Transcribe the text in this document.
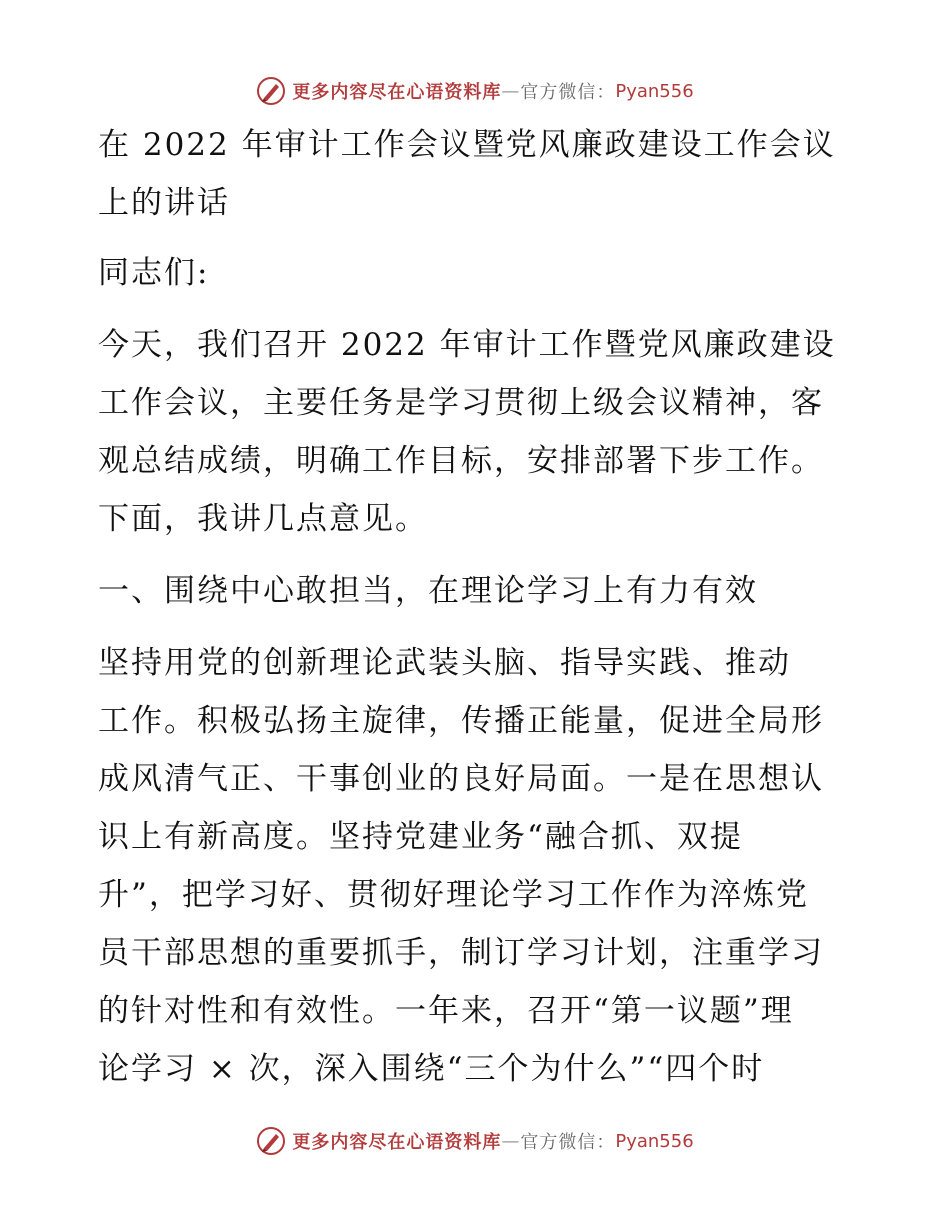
更多内容尽在心语资料库 — 官方微信： Pyan556
在 2022 年审计工作会议暨党风廉政建设工作会议
上的讲话
同志们:
今天，我们召开 2022 年审计工作暨党风廉政建设
工作会议，主要任务是学习贯彻上级会议精神，客
观总结成绩，明确工作目标，安排部署下步工作。
下面，我讲几点意见。
一、围绕中心敢担当，在理论学习上有力有效
坚持用党的创新理论武装头脑、指导实践、推动
工作。积极弘扬主旋律，传播正能量，促进全局形
成风清气正、干事创业的良好局面。一是在思想认
识上有新高度。坚持党建业务“融合抓、双提
升”，把学习好、贯彻好理论学习工作作为淬炼党
员干部思想的重要抓手，制订学习计划，注重学习
的针对性和有效性。一年来，召开“第一议题”理
论学习 × 次，深入围绕“三个为什么”“四个时
更多内容尽在心语资料库 — 官方微信： Pyan556
